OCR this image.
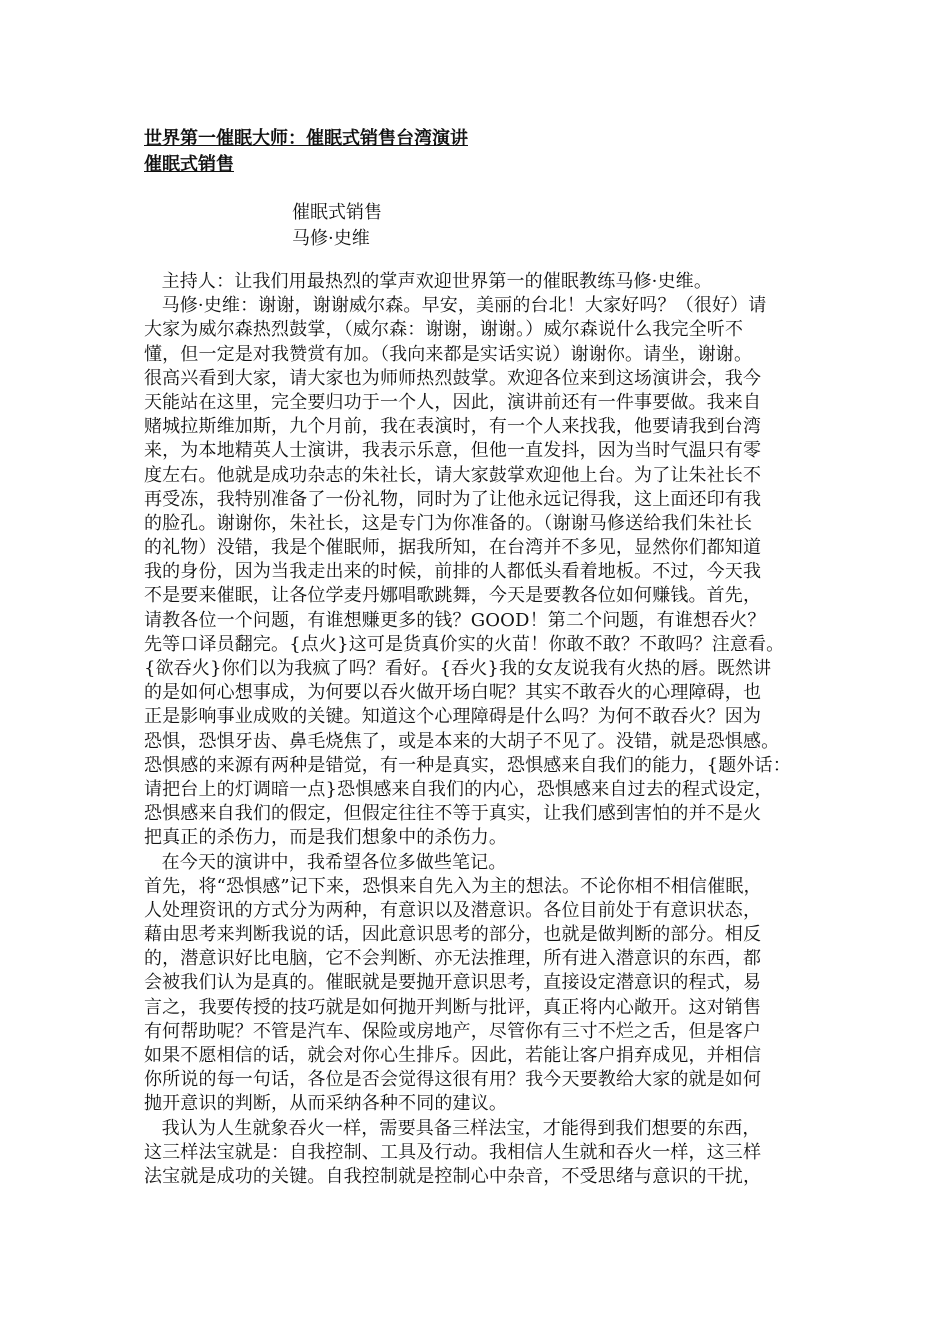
世界第一催眠大师：催眠式销售台湾演讲
催眠式销售
催眠式销售
马修·史维
主持人：让我们用最热烈的掌声欢迎世界第一的催眠教练马修·史维。
马修·史维：谢谢，谢谢威尔森。早安，美丽的台北！大家好吗？（很好）请
大家为威尔森热烈鼓掌，（威尔森：谢谢，谢谢。）威尔森说什么我完全听不
懂，但一定是对我赞赏有加。（我向来都是实话实说）谢谢你。请坐，谢谢。
很高兴看到大家，请大家也为师师热烈鼓掌。欢迎各位来到这场演讲会，我今
天能站在这里，完全要归功于一个人，因此，演讲前还有一件事要做。我来自
赌城拉斯维加斯，九个月前，我在表演时，有一个人来找我，他要请我到台湾
来，为本地精英人士演讲，我表示乐意，但他一直发抖，因为当时气温只有零
度左右。他就是成功杂志的朱社长，请大家鼓掌欢迎他上台。为了让朱社长不
再受冻，我特别准备了一份礼物，同时为了让他永远记得我，这上面还印有我
的脸孔。谢谢你，朱社长，这是专门为你准备的。（谢谢马修送给我们朱社长
的礼物）没错，我是个催眠师，据我所知，在台湾并不多见，显然你们都知道
我的身份，因为当我走出来的时候，前排的人都低头看着地板。不过，今天我
不是要来催眠，让各位学麦丹娜唱歌跳舞，今天是要教各位如何赚钱。首先，
请教各位一个问题，有谁想赚更多的钱？GOOD！第二个问题，有谁想吞火？
先等口译员翻完。{点火}这可是货真价实的火苗！你敢不敢？不敢吗？注意看。
{欲吞火}你们以为我疯了吗？看好。{吞火}我的女友说我有火热的唇。既然讲
的是如何心想事成，为何要以吞火做开场白呢？其实不敢吞火的心理障碍，也
正是影响事业成败的关键。知道这个心理障碍是什么吗？为何不敢吞火？因为
恐惧，恐惧牙齿、鼻毛烧焦了，或是本来的大胡子不见了。没错，就是恐惧感。
恐惧感的来源有两种是错觉，有一种是真实，恐惧感来自我们的能力，{题外话：
请把台上的灯调暗一点}恐惧感来自我们的内心，恐惧感来自过去的程式设定，
恐惧感来自我们的假定，但假定往往不等于真实，让我们感到害怕的并不是火
把真正的杀伤力，而是我们想象中的杀伤力。
在今天的演讲中，我希望各位多做些笔记。
首先，将“恐惧感”记下来，恐惧来自先入为主的想法。不论你相不相信催眠，
人处理资讯的方式分为两种，有意识以及潜意识。各位目前处于有意识状态，
藉由思考来判断我说的话，因此意识思考的部分，也就是做判断的部分。相反
的，潜意识好比电脑，它不会判断、亦无法推理，所有进入潜意识的东西，都
会被我们认为是真的。催眠就是要抛开意识思考，直接设定潜意识的程式，易
言之，我要传授的技巧就是如何抛开判断与批评，真正将内心敞开。这对销售
有何帮助呢？不管是汽车、保险或房地产，尽管你有三寸不烂之舌，但是客户
如果不愿相信的话，就会对你心生排斥。因此，若能让客户捐弃成见，并相信
你所说的每一句话，各位是否会觉得这很有用？我今天要教给大家的就是如何
抛开意识的判断，从而采纳各种不同的建议。
我认为人生就象吞火一样，需要具备三样法宝，才能得到我们想要的东西，
这三样法宝就是：自我控制、工具及行动。我相信人生就和吞火一样，这三样
法宝就是成功的关键。自我控制就是控制心中杂音，不受思绪与意识的干扰，
